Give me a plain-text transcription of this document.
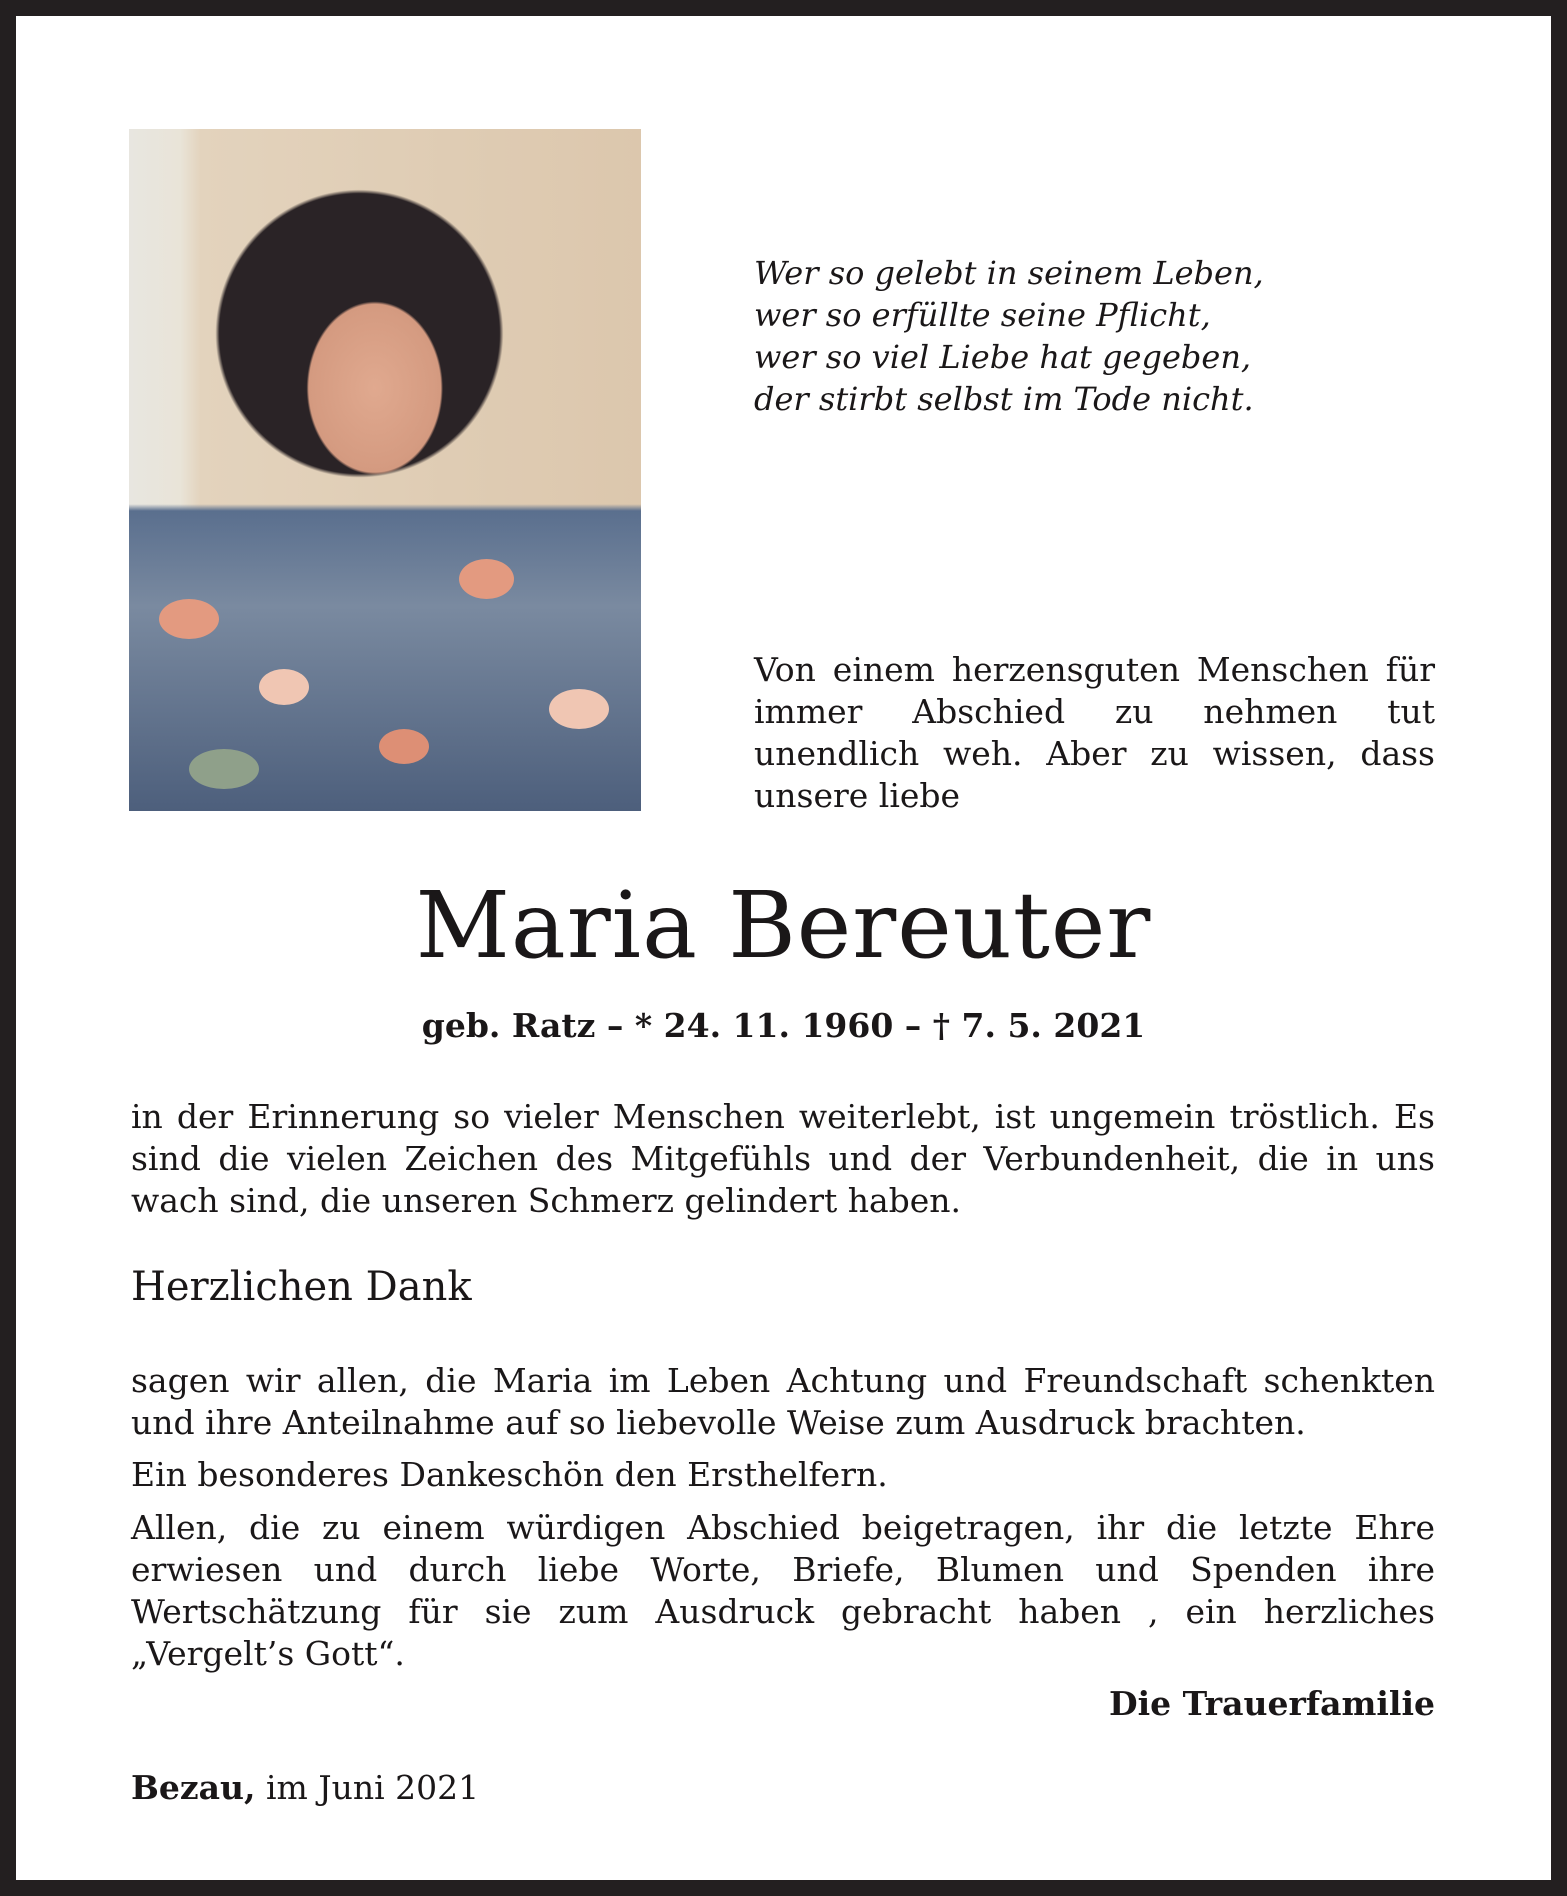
Wer so gelebt in seinem Leben,
wer so erfüllte seine Pflicht,
wer so viel Liebe hat gegeben,
der stirbt selbst im Tode nicht.
Von einem herzensguten Menschen für immer Abschied zu nehmen tut unendlich weh. Aber zu wissen, dass unsere liebe
Maria Bereuter
geb. Ratz – * 24. 11. 1960 – † 7. 5. 2021
in der Erinnerung so vieler Menschen weiterlebt, ist ungemein tröstlich. Es sind die vielen Zeichen des Mitgefühls und der Verbundenheit, die in uns wach sind, die unseren Schmerz gelindert haben.
Herzlichen Dank
sagen wir allen, die Maria im Leben Achtung und Freundschaft schenkten und ihre Anteilnahme auf so liebevolle Weise zum Ausdruck brachten.
Ein besonderes Dankeschön den Ersthelfern.
Allen, die zu einem würdigen Abschied beigetragen, ihr die letzte Ehre erwiesen und durch liebe Worte, Briefe, Blumen und Spenden ihre Wertschätzung für sie zum Ausdruck gebracht haben , ein herzliches „Vergelt’s Gott“.
Die Trauerfamilie
Bezau, im Juni 2021
